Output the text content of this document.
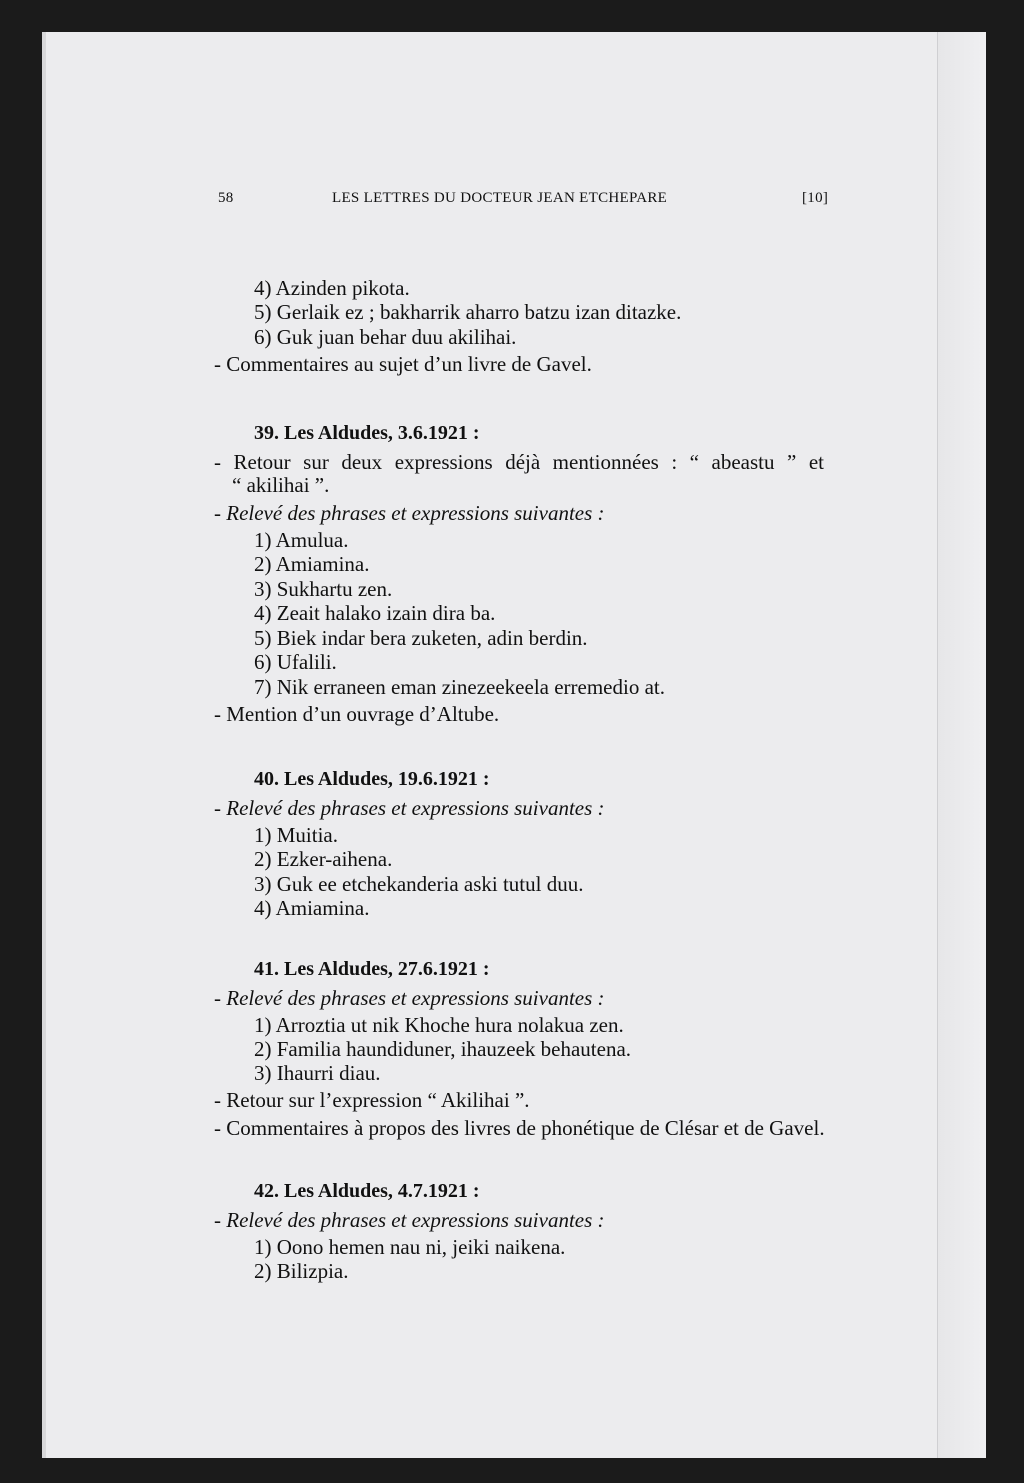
58	LES LETTRES DU DOCTEUR JEAN ETCHEPARE	[10]
4) Azinden pikota.
5) Gerlaik ez ; bakharrik aharro batzu izan ditazke.
6) Guk juan behar duu akilihai.
- Commentaires au sujet d’un livre de Gavel.
39. Les Aldudes, 3.6.1921 :
- Retour sur deux expressions déjà mentionnées : “ abeastu ” et
“ akilihai ”.
- Relevé des phrases et expressions suivantes :
1) Amulua.
2) Amiamina.
3) Sukhartu zen.
4) Zeait halako izain dira ba.
5) Biek indar bera zuketen, adin berdin.
6) Ufalili.
7) Nik erraneen eman zinezeekeela erremedio at.
- Mention d’un ouvrage d’Altube.
40. Les Aldudes, 19.6.1921 :
- Relevé des phrases et expressions suivantes :
1) Muitia.
2) Ezker-aihena.
3) Guk ee etchekanderia aski tutul duu.
4) Amiamina.
41. Les Aldudes, 27.6.1921 :
- Relevé des phrases et expressions suivantes :
1) Arroztia ut nik Khoche hura nolakua zen.
2) Familia haundiduner, ihauzeek behautena.
3) Ihaurri diau.
- Retour sur l’expression “ Akilihai ”.
- Commentaires à propos des livres de phonétique de Clésar et de Gavel.
42. Les Aldudes, 4.7.1921 :
- Relevé des phrases et expressions suivantes :
1) Oono hemen nau ni, jeiki naikena.
2) Bilizpia.
